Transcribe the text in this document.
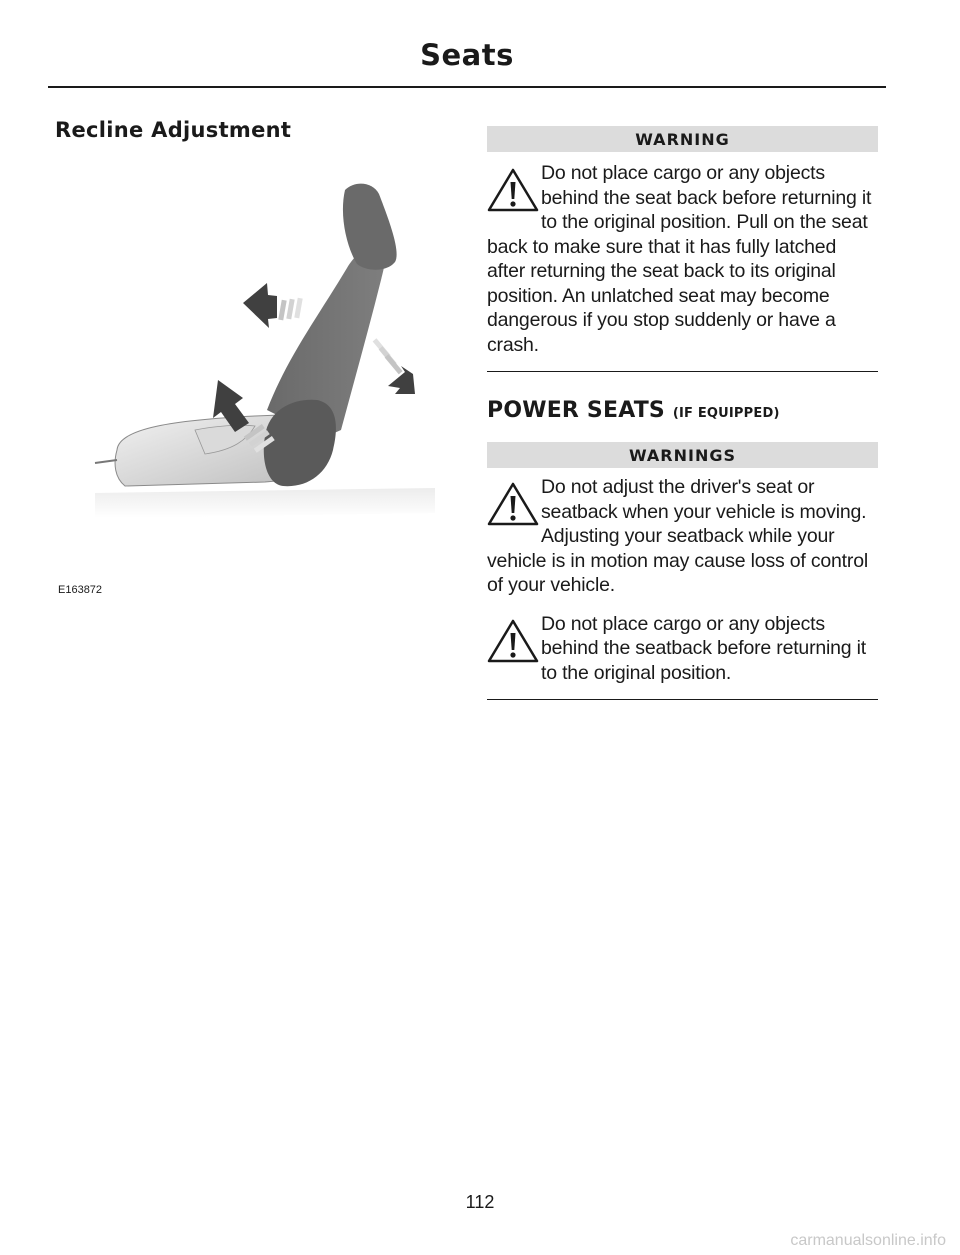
Seats
Recline Adjustment
E163872
WARNING

Do not place cargo or any objects behind the seat back before returning it to the original position. Pull on the seat back to make sure that it has fully latched after returning the seat back to its original position. An unlatched seat may become dangerous if you stop suddenly or have a crash.

POWER SEATS (IF EQUIPPED)
WARNINGS

Do not adjust the driver's seat or seatback when your vehicle is moving. Adjusting your seatback while your vehicle is in motion may cause loss of control of your vehicle.

Do not place cargo or any objects behind the seatback before returning it to the original position.

112
carmanualsonline.info
